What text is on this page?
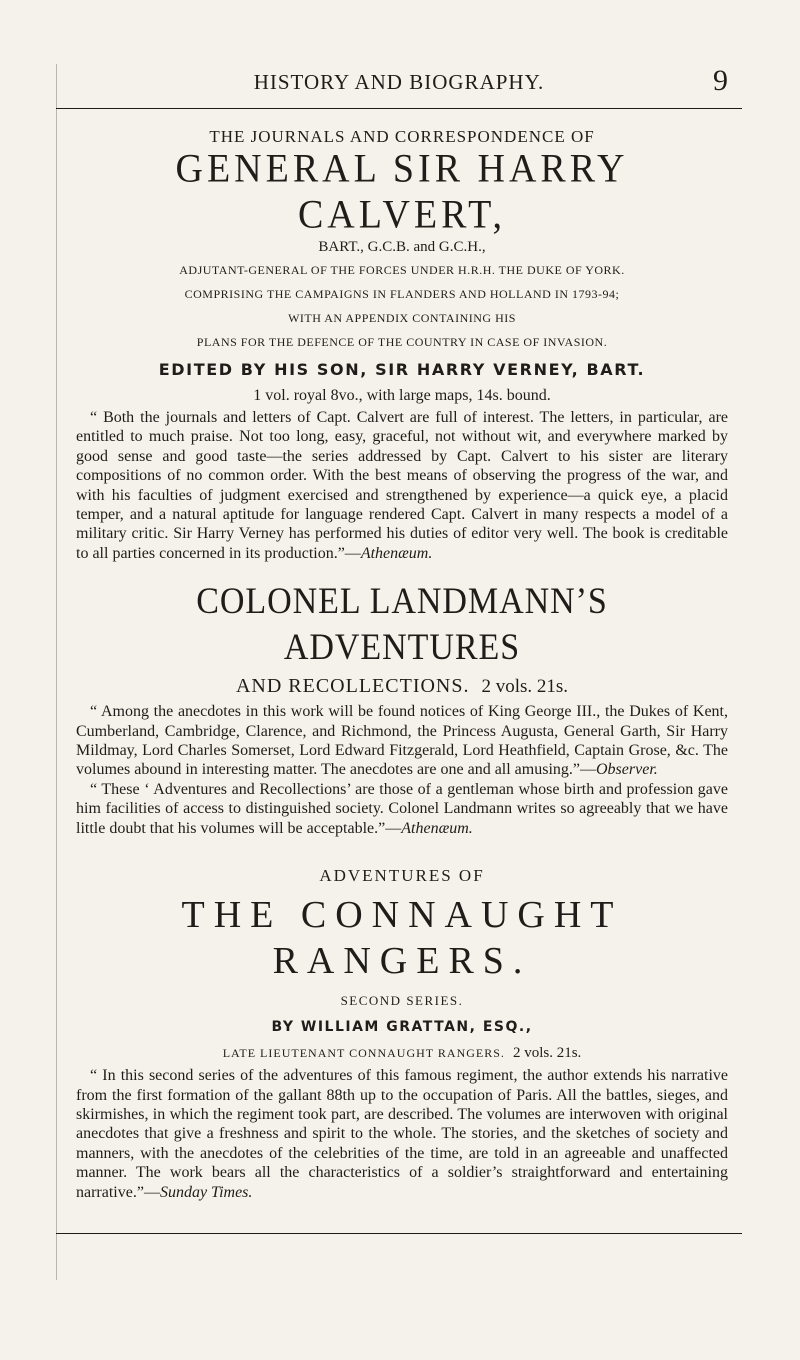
HISTORY AND BIOGRAPHY.	9
THE JOURNALS AND CORRESPONDENCE OF
GENERAL SIR HARRY CALVERT,
BART., G.C.B. and G.C.H.,
ADJUTANT-GENERAL OF THE FORCES UNDER H.R.H. THE DUKE OF YORK.
COMPRISING THE CAMPAIGNS IN FLANDERS AND HOLLAND IN 1793-94;
WITH AN APPENDIX CONTAINING HIS
PLANS FOR THE DEFENCE OF THE COUNTRY IN CASE OF INVASION.
EDITED BY HIS SON, SIR HARRY VERNEY, BART.
1 vol. royal 8vo., with large maps, 14s. bound.

“ Both the journals and letters of Capt. Calvert are full of interest. The letters, in particular, are entitled to much praise. Not too long, easy, graceful, not without wit, and everywhere marked by good sense and good taste—the series addressed by Capt. Calvert to his sister are literary compositions of no common order. With the best means of observing the progress of the war, and with his faculties of judgment exercised and strengthened by experience—a quick eye, a placid temper, and a natural aptitude for language rendered Capt. Calvert in many respects a model of a military critic. Sir Harry Verney has performed his duties of editor very well. The book is creditable to all parties concerned in its production.”—Athenæum.

COLONEL LANDMANN’S ADVENTURES
AND RECOLLECTIONS. 2 vols. 21s.

“ Among the anecdotes in this work will be found notices of King George III., the Dukes of Kent, Cumberland, Cambridge, Clarence, and Richmond, the Princess Augusta, General Garth, Sir Harry Mildmay, Lord Charles Somerset, Lord Edward Fitzgerald, Lord Heathfield, Captain Grose, &c. The volumes abound in interesting matter. The anecdotes are one and all amusing.”—Observer.

“ These ‘ Adventures and Recollections’ are those of a gentleman whose birth and profession gave him facilities of access to distinguished society. Colonel Landmann writes so agreeably that we have little doubt that his volumes will be acceptable.”—Athenæum.

ADVENTURES OF
THE CONNAUGHT RANGERS.
SECOND SERIES.
BY WILLIAM GRATTAN, ESQ.,
LATE LIEUTENANT CONNAUGHT RANGERS. 2 vols. 21s.

“ In this second series of the adventures of this famous regiment, the author extends his narrative from the first formation of the gallant 88th up to the occupation of Paris. All the battles, sieges, and skirmishes, in which the regiment took part, are described. The volumes are interwoven with original anecdotes that give a freshness and spirit to the whole. The stories, and the sketches of society and manners, with the anecdotes of the celebrities of the time, are told in an agreeable and unaffected manner. The work bears all the characteristics of a soldier’s straightforward and entertaining narrative.”—Sunday Times.
